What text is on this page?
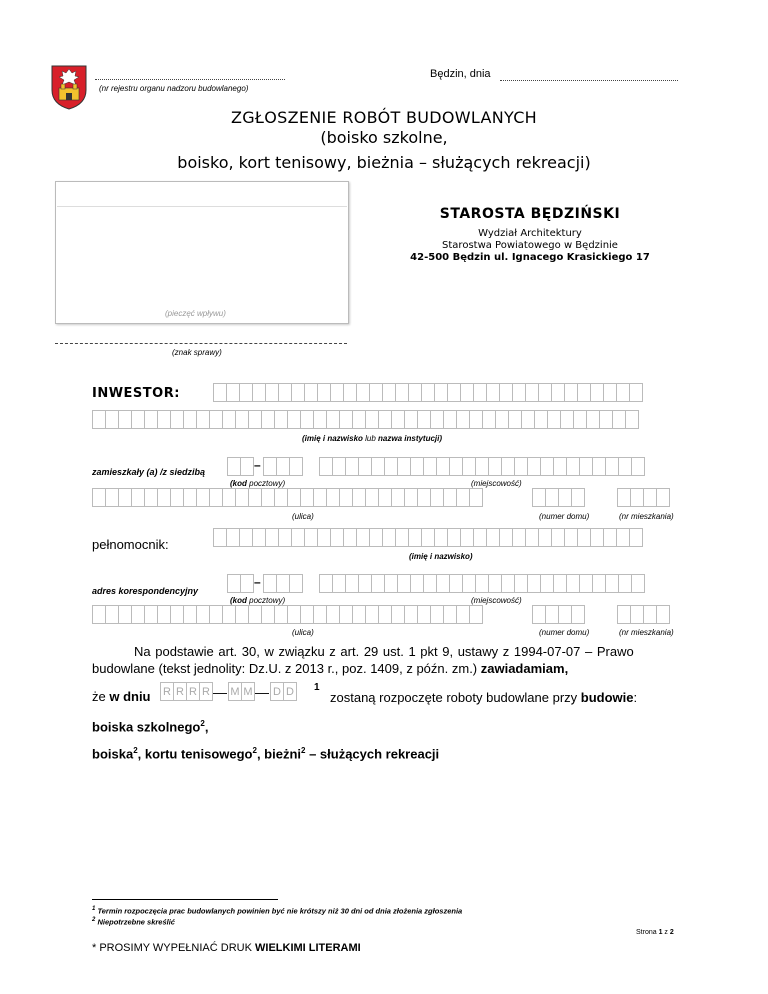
(nr rejestru organu nadzoru budowlanego)
Będzin, dnia
ZGŁOSZENIE ROBÓT BUDOWLANYCH
(boisko szkolne,
boisko, kort tenisowy, bieżnia – służących rekreacji)
(pieczęć wpływu)
(znak sprawy)
STAROSTA BĘDZIŃSKI
Wydział Architektury
Starostwa Powiatowego w Będzinie
42-500 Będzin ul. Ignacego Krasickiego 17
INWESTOR:
(imię i nazwisko lub nazwa instytucji)
zamieszkały (a) /z siedzibą	–
(kod pocztowy)	(miejscowość)
(ulica)	(numer domu)	(nr mieszkania)
pełnomocnik:
(imię i nazwisko)
adres korespondencyjny
–
(kod pocztowy)	(miejscowość)
(ulica)	(numer domu)	(nr mieszkania)
Na podstawie art. 30, w związku z art. 29 ust. 1 pkt 9, ustawy z 1994-07-07 – Prawo
budowlane (tekst jednolity: Dz.U. z 2013 r., poz. 1409, z późn. zm.) zawiadamiam,
że w dniu R R R R — M M — D D	1
zostaną rozpoczęte roboty budowlane przy budowie:
boiska szkolnego$^2$,
boiska$^2$, kortu tenisowego$^2$, bieżni$^2$ – służących rekreacji
$^1$ Termin rozpoczęcia prac budowlanych powinien być nie krótszy niż 30 dni od dnia złożenia zgłoszenia
$^2$ Niepotrzebne skreślić
Strona 1 z 2
* PROSIMY WYPEŁNIAĆ DRUK WIELKIMI LITERAMI
